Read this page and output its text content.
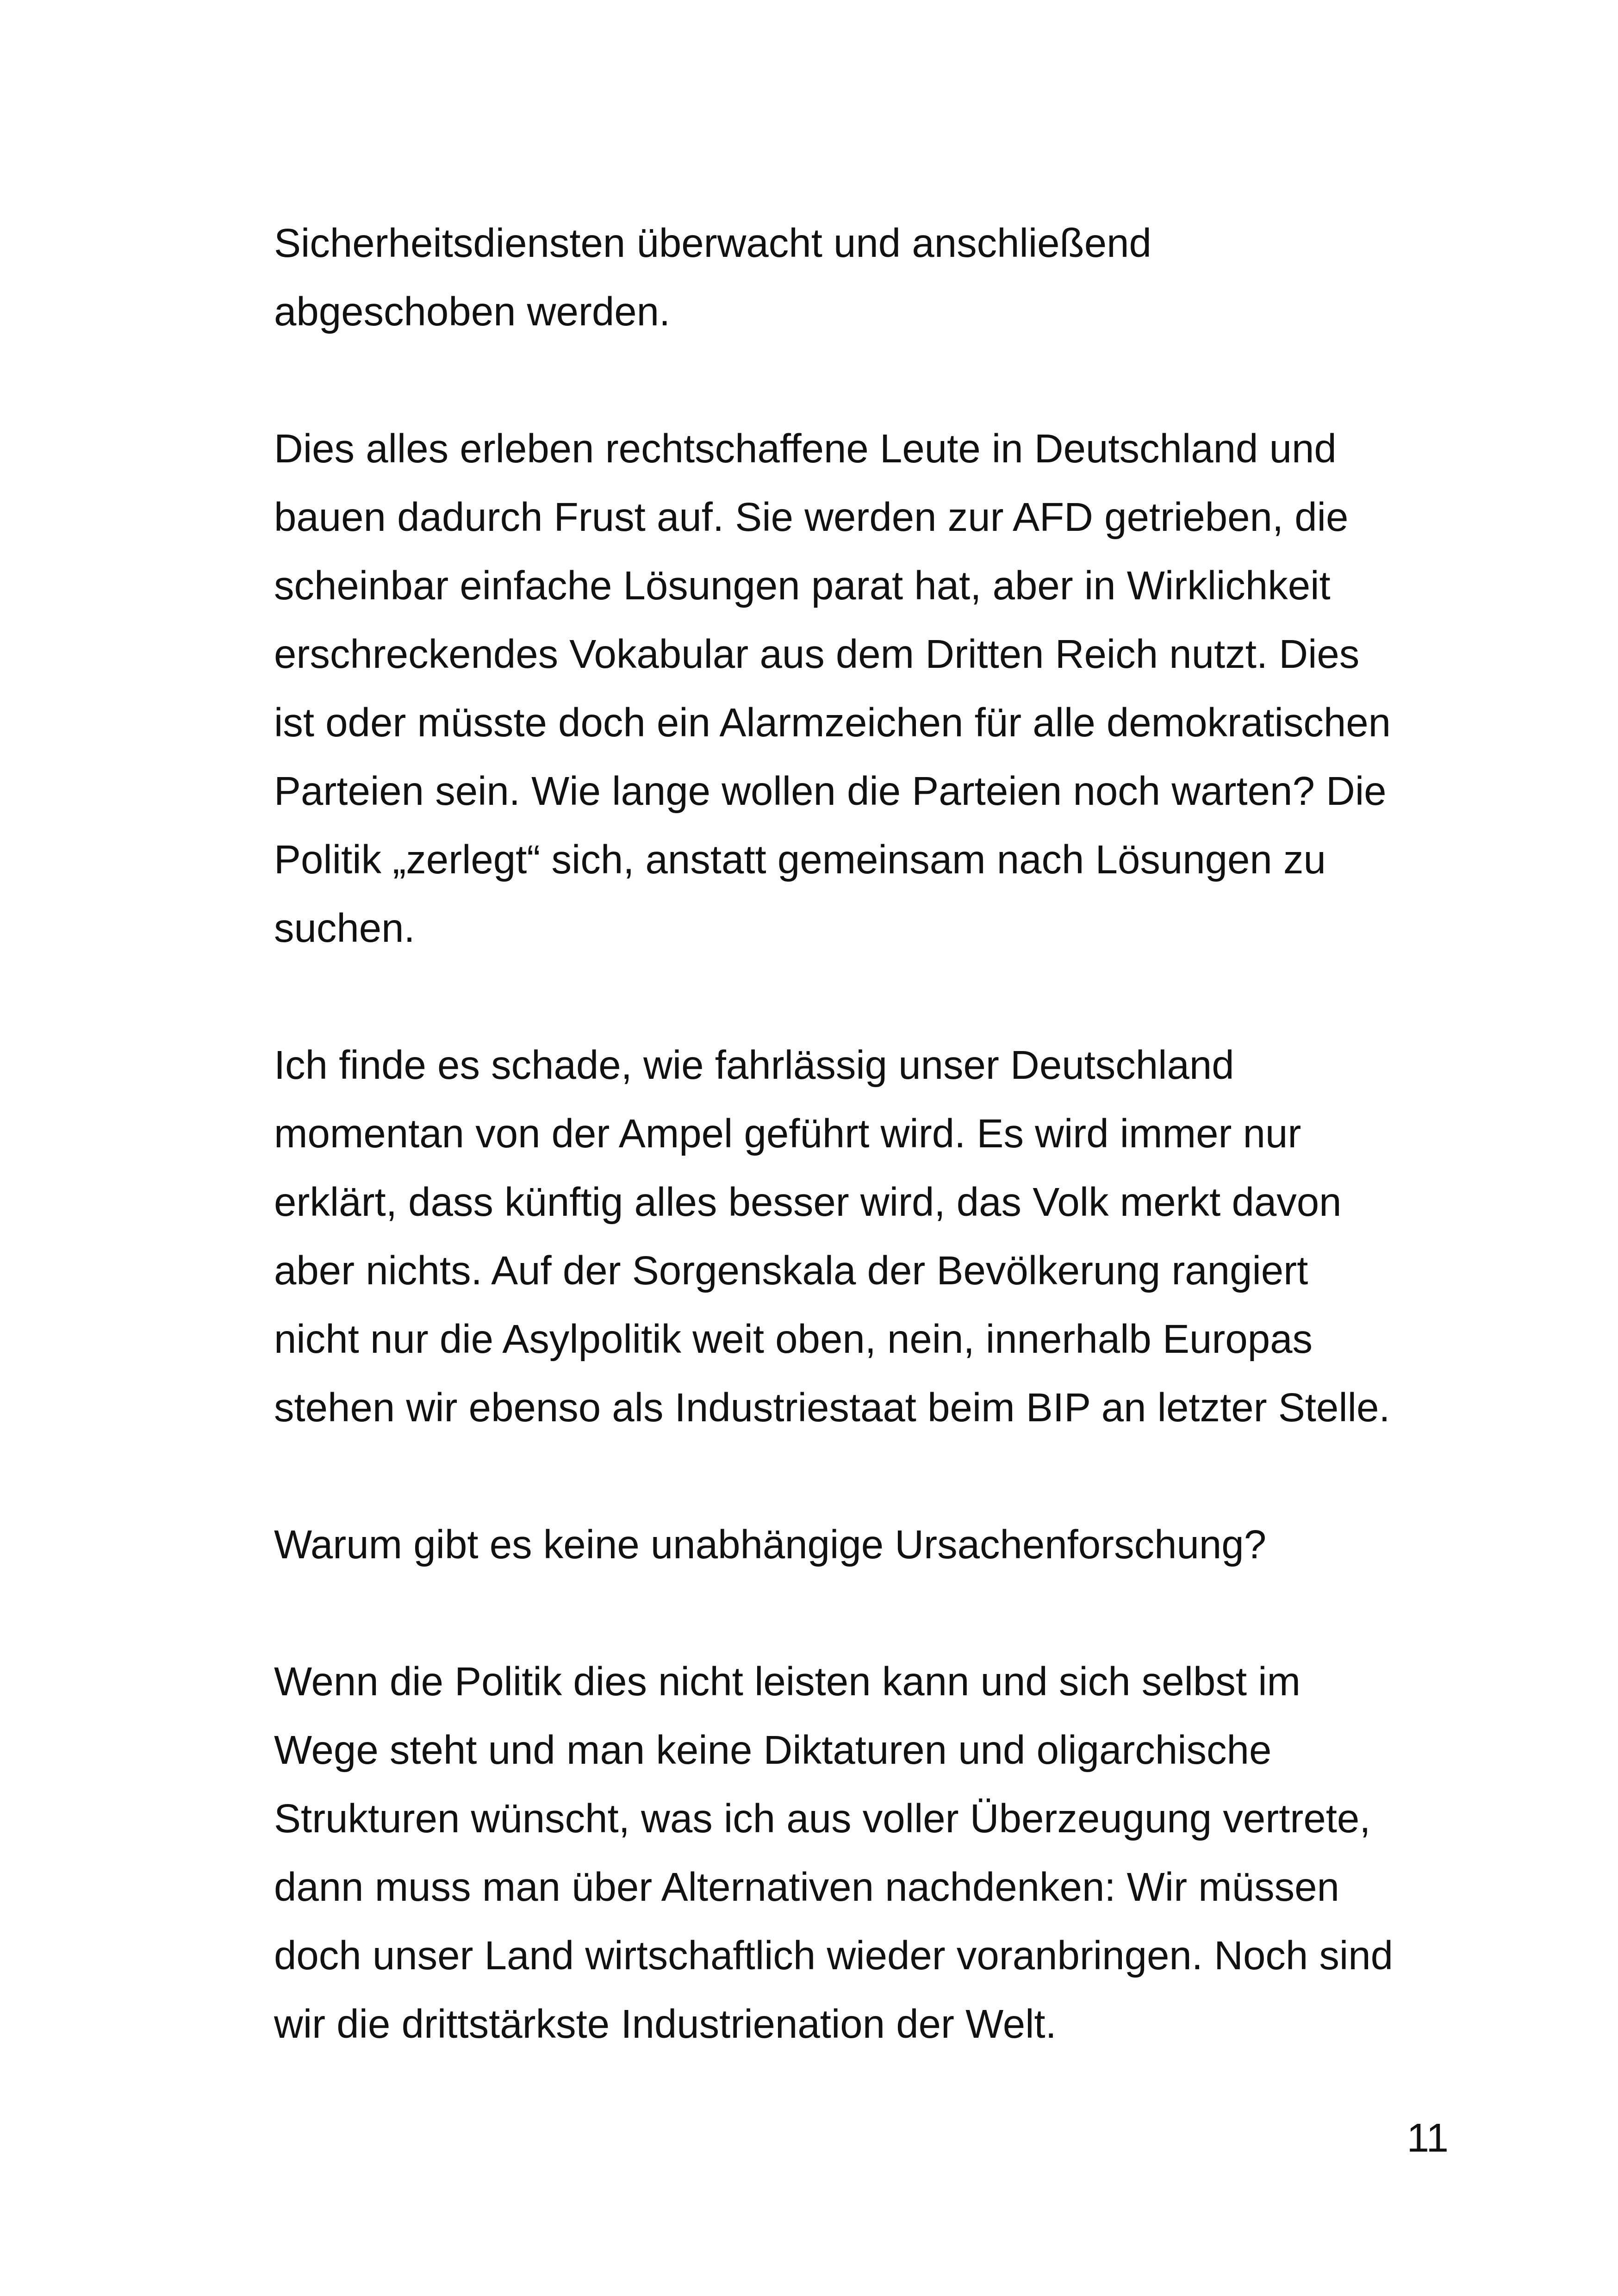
Sicherheitsdiensten überwacht und anschließend
abgeschoben werden.
Dies alles erleben rechtschaffene Leute in Deutschland und
bauen dadurch Frust auf. Sie werden zur AFD getrieben, die
scheinbar einfache Lösungen parat hat, aber in Wirklichkeit
erschreckendes Vokabular aus dem Dritten Reich nutzt. Dies
ist oder müsste doch ein Alarmzeichen für alle demokratischen
Parteien sein. Wie lange wollen die Parteien noch warten? Die
Politik „zerlegt“ sich, anstatt gemeinsam nach Lösungen zu
suchen.
Ich finde es schade, wie fahrlässig unser Deutschland
momentan von der Ampel geführt wird. Es wird immer nur
erklärt, dass künftig alles besser wird, das Volk merkt davon
aber nichts. Auf der Sorgenskala der Bevölkerung rangiert
nicht nur die Asylpolitik weit oben, nein, innerhalb Europas
stehen wir ebenso als Industriestaat beim BIP an letzter Stelle.
Warum gibt es keine unabhängige Ursachenforschung?
Wenn die Politik dies nicht leisten kann und sich selbst im
Wege steht und man keine Diktaturen und oligarchische
Strukturen wünscht, was ich aus voller Überzeugung vertrete,
dann muss man über Alternativen nachdenken: Wir müssen
doch unser Land wirtschaftlich wieder voranbringen. Noch sind
wir die drittstärkste Industrienation der Welt.
11
